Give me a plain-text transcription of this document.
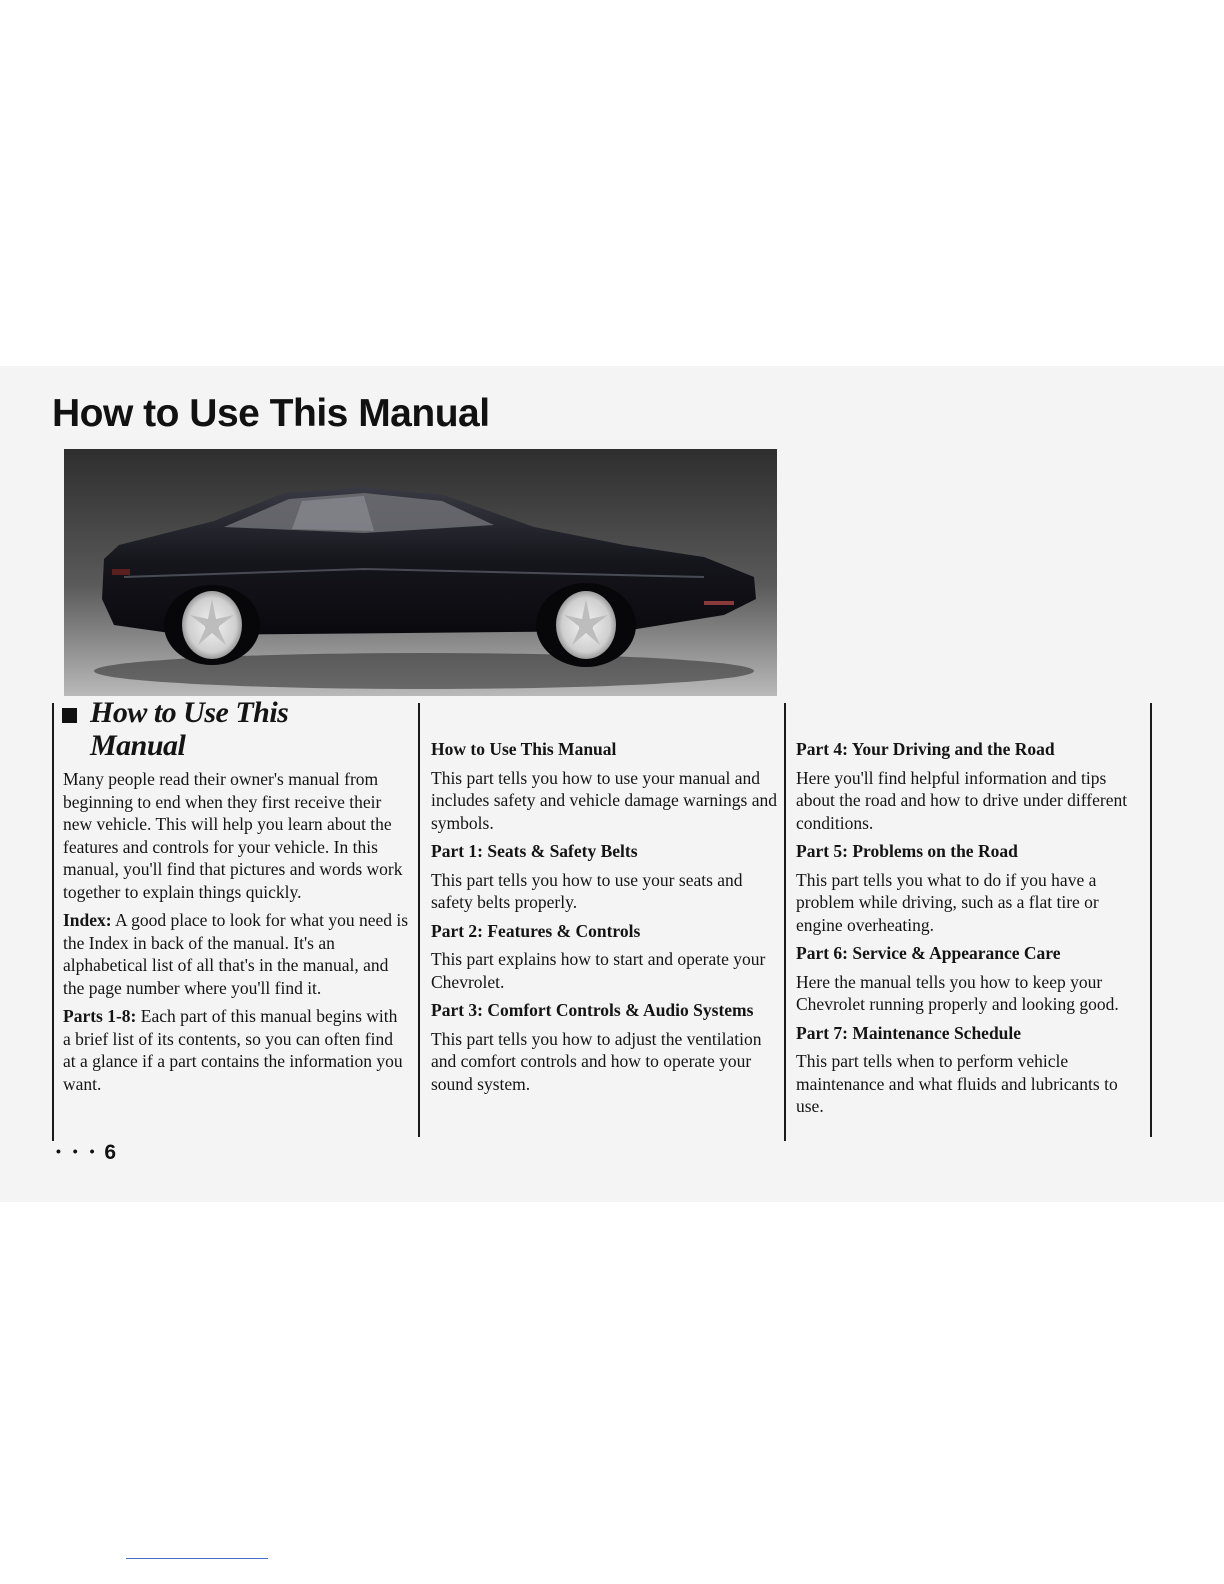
How to Use This Manual
How to Use This Manual

Many people read their owner's manual from beginning to end when they first receive their new vehicle. This will help you learn about the features and controls for your vehicle. In this manual, you'll find that pictures and words work together to explain things quickly.

Index: A good place to look for what you need is the Index in back of the manual. It's an alphabetical list of all that's in the manual, and the page number where you'll find it.

Parts 1-8: Each part of this manual begins with a brief list of its contents, so you can often find at a glance if a part contains the information you want.

How to Use This Manual

This part tells you how to use your manual and includes safety and vehicle damage warnings and symbols.

Part 1: Seats & Safety Belts

This part tells you how to use your seats and safety belts properly.

Part 2: Features & Controls

This part explains how to start and operate your Chevrolet.

Part 3: Comfort Controls & Audio Systems

This part tells you how to adjust the ventilation and comfort controls and how to operate your sound system.

Part 4: Your Driving and the Road

Here you'll find helpful information and tips about the road and how to drive under different conditions.

Part 5: Problems on the Road

This part tells you what to do if you have a problem while driving, such as a flat tire or engine overheating.

Part 6: Service & Appearance Care

Here the manual tells you how to keep your Chevrolet running properly and looking good.

Part 7: Maintenance Schedule

This part tells when to perform vehicle maintenance and what fluids and lubricants to use.

• • • 6
